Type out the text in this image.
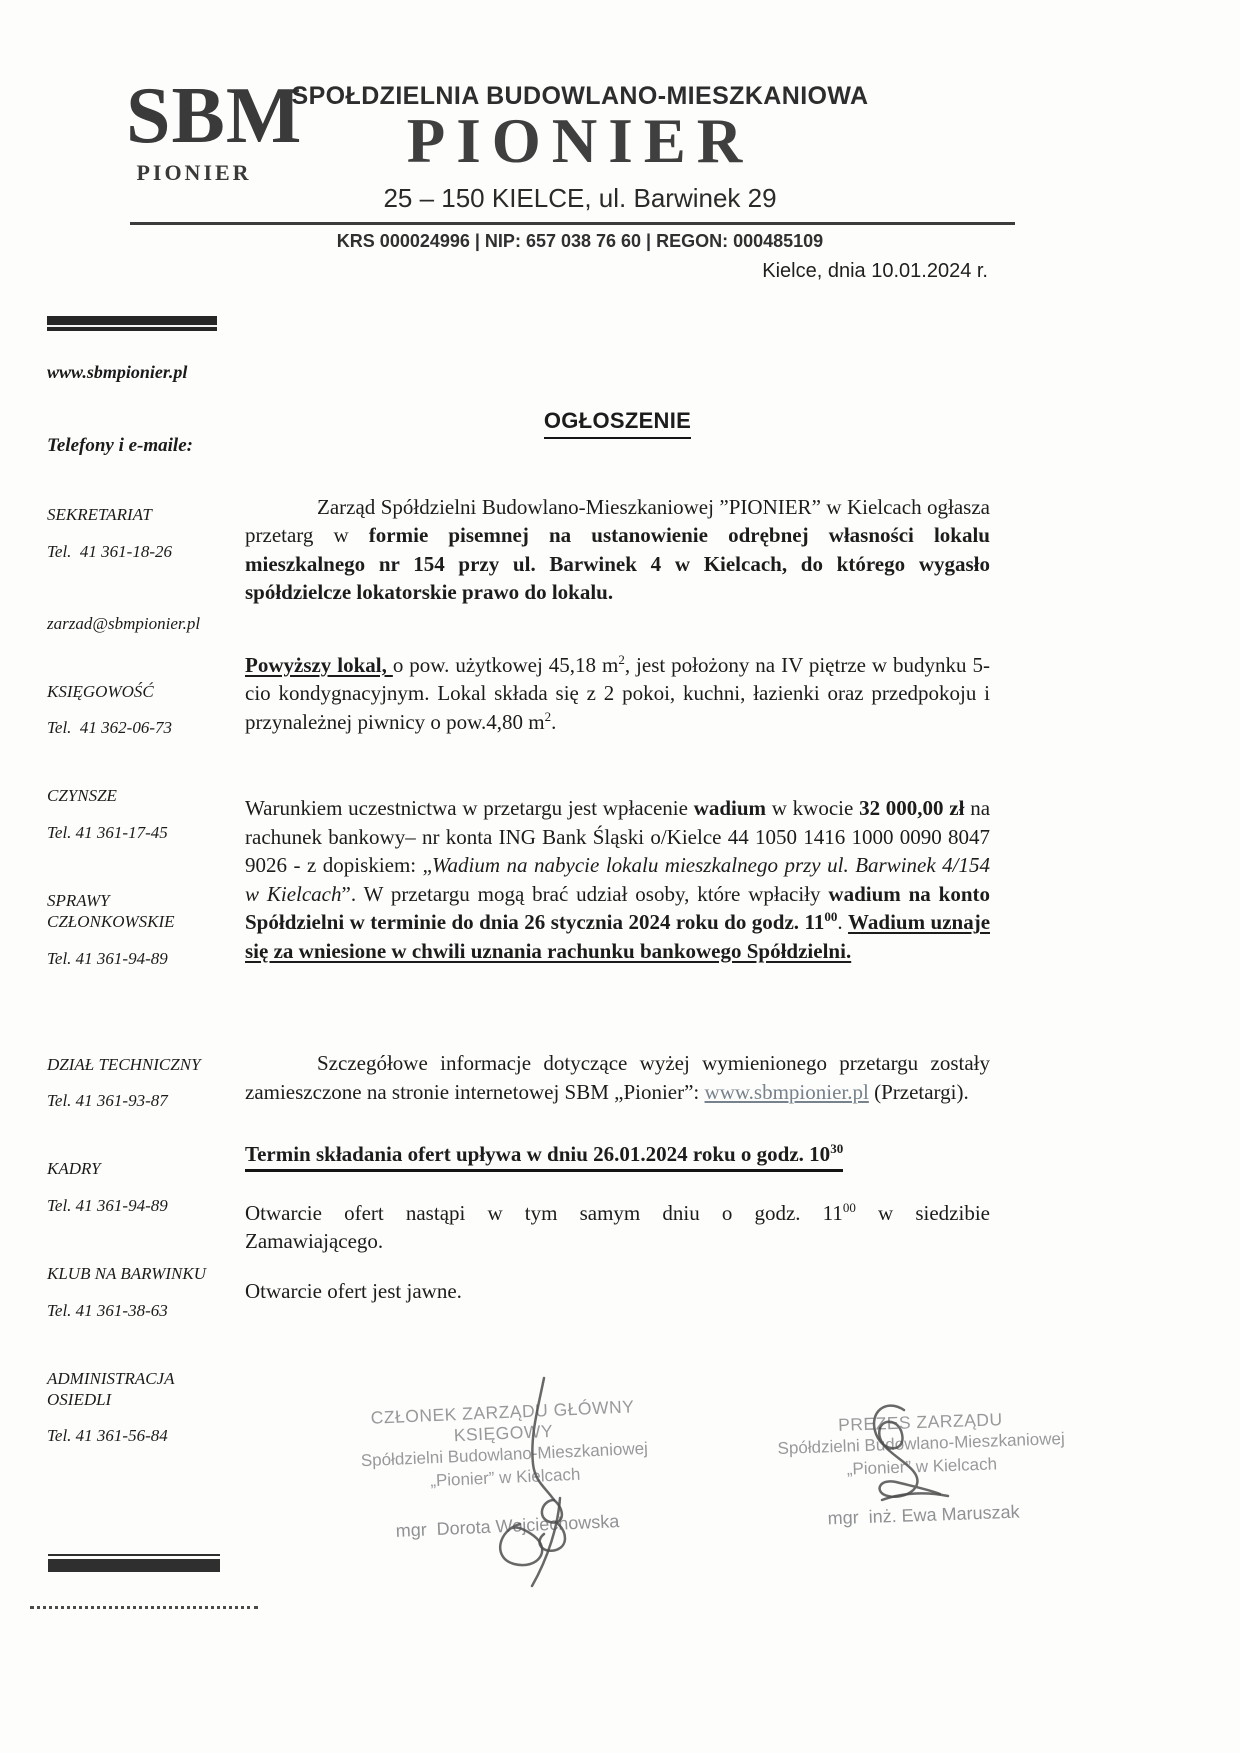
SBM
PIONIER
SPOŁDZIELNIA BUDOWLANO-MIESZKANIOWA
PIONIER
25 – 150 KIELCE, ul. Barwinek 29
KRS 000024996 | NIP: 657 038 76 60 | REGON: 000485109
Kielce, dnia 10.01.2024 r.
www.sbmpionier.pl
Telefony i e-maile:
SEKRETARIAT
Tel.  41 361-18-26
zarzad@sbmpionier.pl
KSIĘGOWOŚĆ
Tel.  41 362-06-73
CZYNSZE
Tel. 41 361-17-45
SPRAWY CZŁONKOWSKIE
Tel. 41 361-94-89
DZIAŁ TECHNICZNY
Tel. 41 361-93-87
KADRY
Tel. 41 361-94-89
KLUB NA BARWINKU
Tel. 41 361-38-63
ADMINISTRACJA OSIEDLI
Tel. 41 361-56-84
OGŁOSZENIE

Zarząd Spółdzielni Budowlano-Mieszkaniowej ”PIONIER” w Kielcach ogłasza przetarg w formie pisemnej na ustanowienie odrębnej własności lokalu mieszkalnego nr 154 przy ul. Barwinek 4 w Kielcach, do którego wygasło spółdzielcze lokatorskie prawo do lokalu.

Powyższy lokal, o pow. użytkowej 45,18 $m^2$, jest położony na IV piętrze w budynku 5-cio kondygnacyjnym. Lokal składa się z 2 pokoi, kuchni, łazienki oraz przedpokoju i przynależnej piwnicy o pow.4,80 $m^2$.

Warunkiem uczestnictwa w przetargu jest wpłacenie wadium w kwocie 32 000,00 zł na rachunek bankowy– nr konta ING Bank Śląski o/Kielce 44 1050 1416 1000 0090 8047 9026 - z dopiskiem: „Wadium na nabycie lokalu mieszkalnego przy ul. Barwinek 4/154 w Kielcach”. W przetargu mogą brać udział osoby, które wpłaciły wadium na konto Spółdzielni w terminie do dnia 26 stycznia 2024 roku do godz. $11^{00}$. Wadium uznaje się za wniesione w chwili uznania rachunku bankowego Spółdzielni.

Szczegółowe informacje dotyczące wyżej wymienionego przetargu zostały zamieszczone na stronie internetowej SBM „Pionier”: www.sbmpionier.pl (Przetargi).

Termin składania ofert upływa w dniu 26.01.2024 roku o godz. $10^{30}$

Otwarcie ofert nastąpi w tym samym dniu o godz. $11^{00}$ w siedzibie Zamawiającego.

Otwarcie ofert jest jawne.

CZŁONEK ZARZĄDU GŁÓWNY KSIĘGOWY
Spółdzielni Budowlano-Mieszkaniowej
„Pionier” w Kielcach
mgr  Dorota Wojciechowska
PREZES ZARZĄDU
Spółdzielni Budowlano-Mieszkaniowej
„Pionier” w Kielcach
mgr  inż. Ewa Maruszak
